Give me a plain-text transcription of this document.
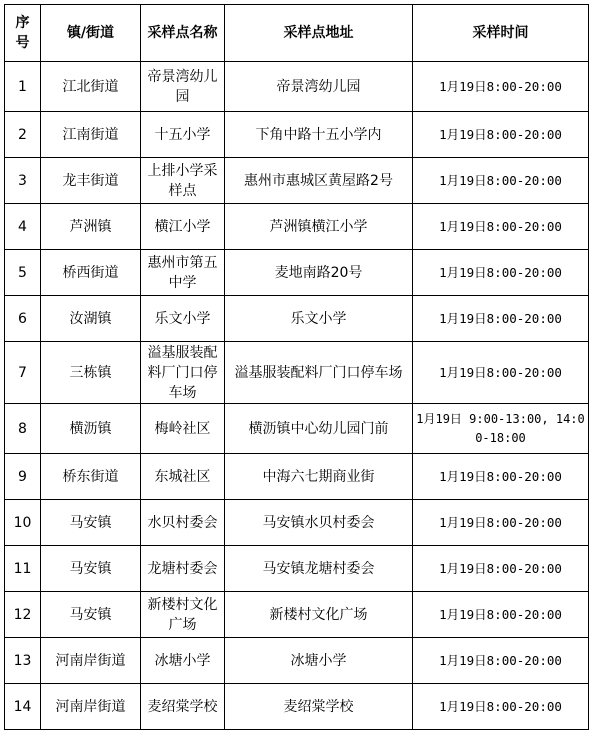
序号	镇/街道	采样点名称	采样点地址	采样时间
1	江北街道	帝景湾幼儿园	帝景湾幼儿园	1月19日8:00-20:00
2	江南街道	十五小学	下角中路十五小学内	1月19日8:00-20:00
3	龙丰街道	上排小学采样点	惠州市惠城区黄屋路2号	1月19日8:00-20:00
4	芦洲镇	横江小学	芦洲镇横江小学	1月19日8:00-20:00
5	桥西街道	惠州市第五中学	麦地南路20号	1月19日8:00-20:00
6	汝湖镇	乐文小学	乐文小学	1月19日8:00-20:00
7	三栋镇	溢基服装配料厂门口停车场	溢基服装配料厂门口停车场	1月19日8:00-20:00
8	横沥镇	梅岭社区	横沥镇中心幼儿园门前	1月19日 9:00-13:00, 14:00-18:00
9	桥东街道	东城社区	中海六七期商业街	1月19日8:00-20:00
10	马安镇	水贝村委会	马安镇水贝村委会	1月19日8:00-20:00
11	马安镇	龙塘村委会	马安镇龙塘村委会	1月19日8:00-20:00
12	马安镇	新楼村文化广场	新楼村文化广场	1月19日8:00-20:00
13	河南岸街道	冰塘小学	冰塘小学	1月19日8:00-20:00
14	河南岸街道	麦绍棠学校	麦绍棠学校	1月19日8:00-20:00
